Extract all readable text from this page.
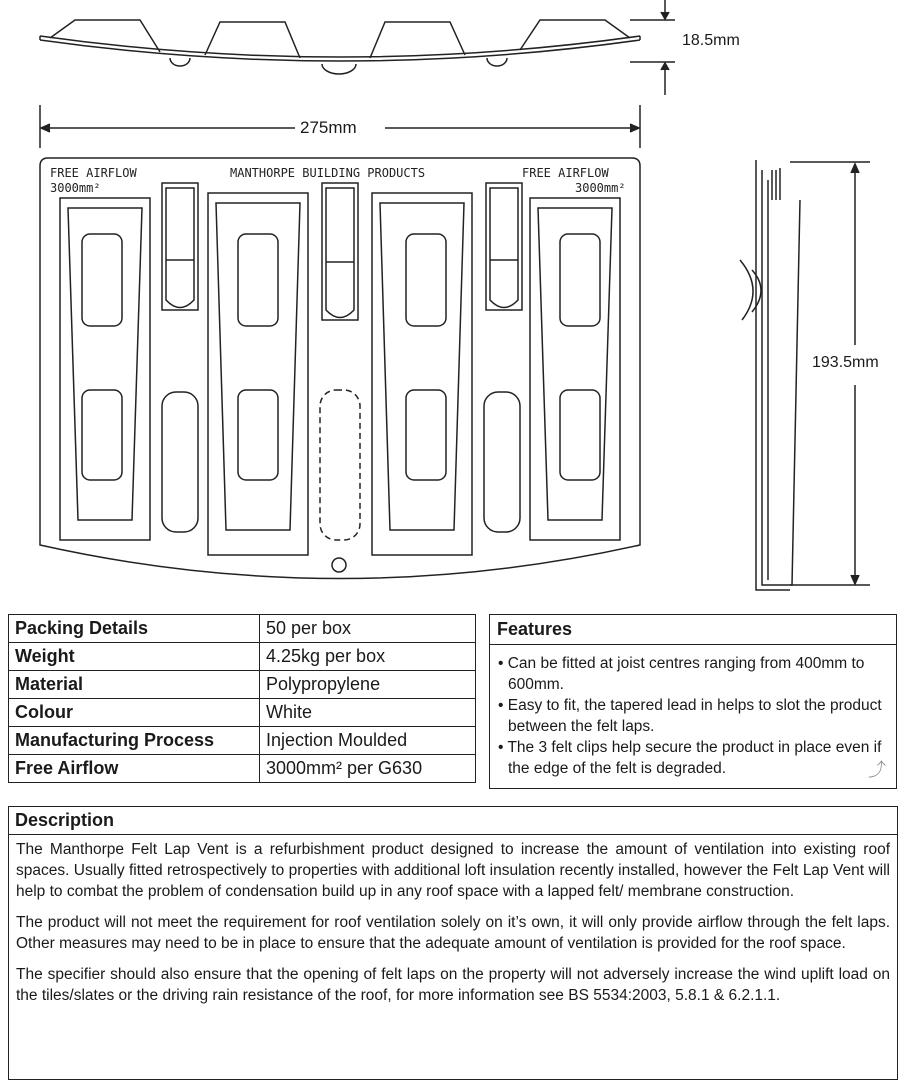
FREE AIRFLOW
3000mm²
MANTHORPE BUILDING PRODUCTS	FREE AIRFLOW
3000mm²
18.5mm
275mm
193.5mm
Packing Details	50 per box
Weight	4.25kg per box
Material	Polypropylene
Colour	White
Manufacturing Process	Injection Moulded
Free Airflow	3000mm² per G630
Features
• Can be fitted at joist centres ranging from 400mm to 600mm.
• Easy to fit, the tapered lead in helps to slot the product between the felt laps.
• The 3 felt clips help secure the product in place even if the edge of the felt is degraded.	⤴
Description

The Manthorpe Felt Lap Vent is a refurbishment product designed to increase the amount of ventilation into existing roof spaces. Usually fitted retrospectively to properties with additional loft insulation recently installed, however the Felt Lap Vent will help to combat the problem of condensation build up in any roof space with a lapped felt/ membrane construction.

The product will not meet the requirement for roof ventilation solely on it’s own, it will only provide airflow through the felt laps. Other measures may need to be in place to ensure that the adequate amount of ventilation is provided for the roof space.

The specifier should also ensure that the opening of felt laps on the property will not adversely increase the wind uplift load on the tiles/slates or the driving rain resistance of the roof, for more information see BS 5534:2003, 5.8.1 & 6.2.1.1.
